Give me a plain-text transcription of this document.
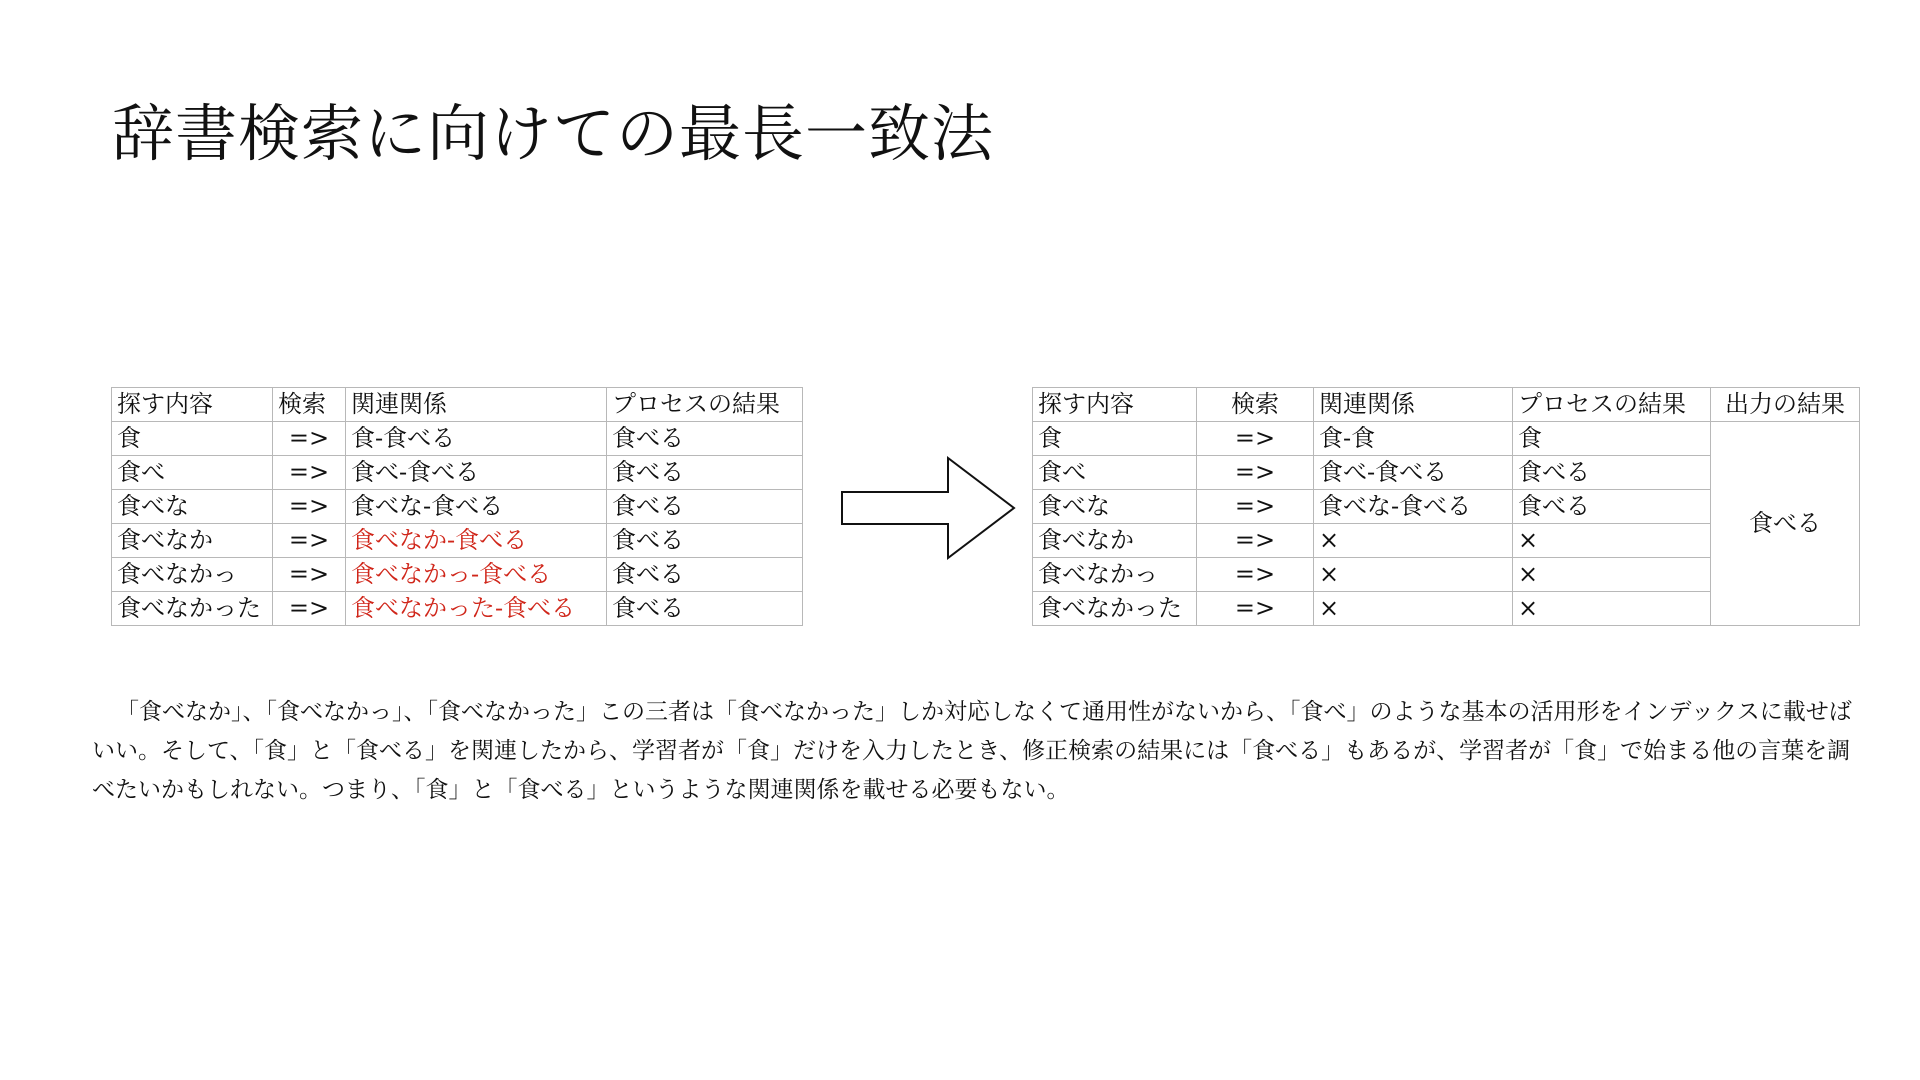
辞書検索に向けての最長一致法
探す内容	検索	関連関係	プロセスの結果
食	=>	食-食べる	食べる
食べ	=>	食べ-食べる	食べる
食べな	=>	食べな-食べる	食べる
食べなか	=>	食べなか-食べる	食べる
食べなかっ	=>	食べなかっ-食べる	食べる
食べなかった	=>	食べなかった-食べる	食べる
探す内容	検索	関連関係	プロセスの結果	出力の結果
食	=>	食-食	食	食べる
食べ	=>	食べ-食べる	食べる	
食べな	=>	食べな-食べる	食べる	
食べなか	=>	×	×	
食べなかっ	=>	×	×	
食べなかった	=>	×	×	

「食べなか」、「食べなかっ」、「食べなかった」この三者は「食べなかった」しか対応しなくて通用性がないから、「食べ」のような基本の活用形をインデックスに載せばいい。そして、「食」と「食べる」を関連したから、学習者が「食」だけを入力したとき、修正検索の結果には「食べる」もあるが、学習者が「食」で始まる他の言葉を調べたいかもしれない。つまり、「食」と「食べる」というような関連関係を載せる必要もない。
